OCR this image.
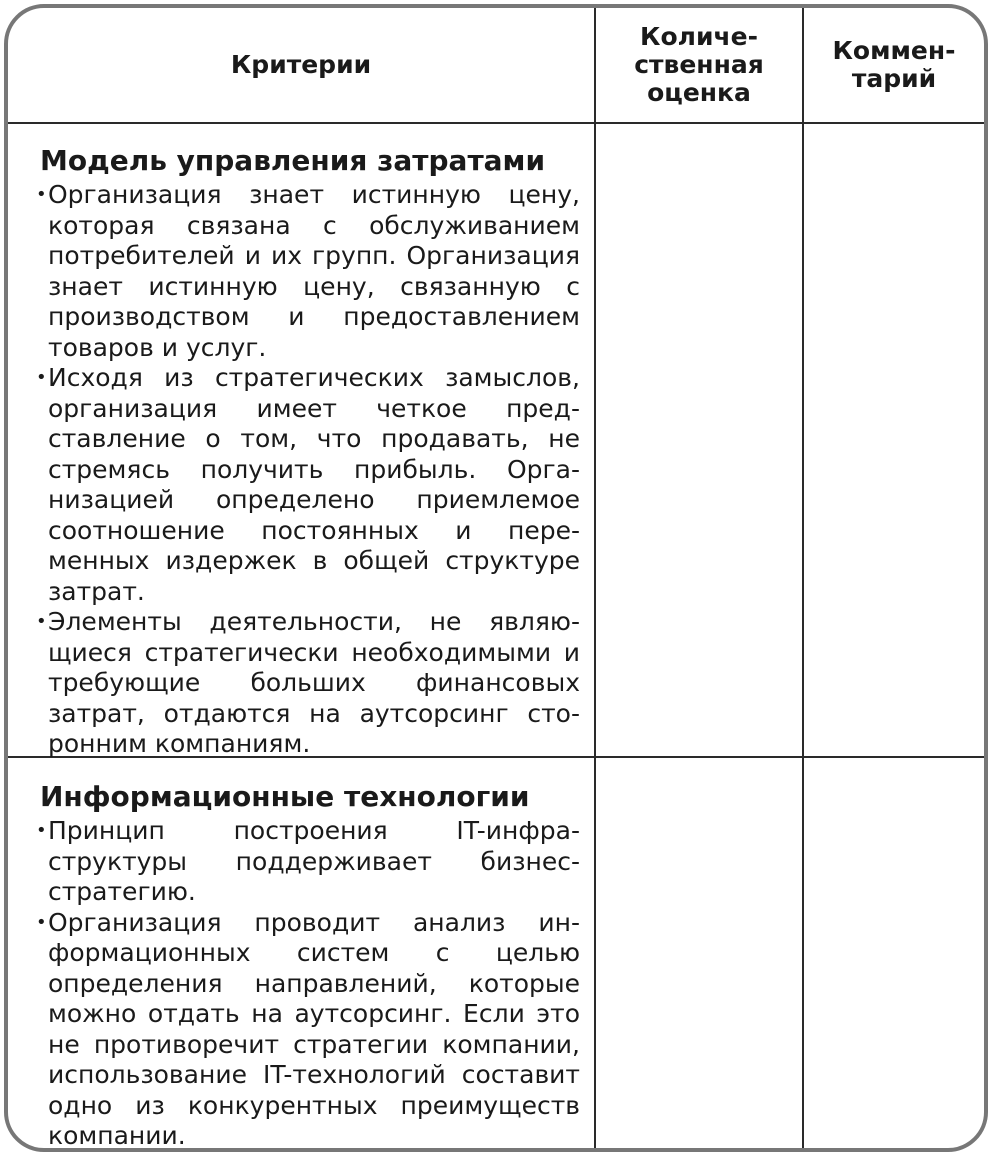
Критерии
Количе-
ственная
оценка
Коммен-
тарий
Модель управления затратами
• Организация знает истинную цену, которая связана с обслуживанием потребителей и их групп. Организация знает истинную цену, связанную с производством и предоставлением товаров и услуг.
• Исходя из стратегических замыслов, организация имеет четкое представление о том, что продавать, не стремясь получить прибыль. Организацией определено приемлемое соотношение постоянных и переменных издержек в общей структуре затрат.
• Элементы деятельности, не являющиеся стратегически необходимыми и требующие больших финансовых затрат, отдаются на аутсорсинг сторонним компаниям.
Информационные технологии
• Принцип построения IT-инфраструктуры поддерживает бизнес-стратегию.
• Организация проводит анализ информационных систем с целью определения направлений, которые можно отдать на аутсорсинг. Если это не противоречит стратегии компании, использование IT-технологий составит одно из конкурентных преимуществ компании.
